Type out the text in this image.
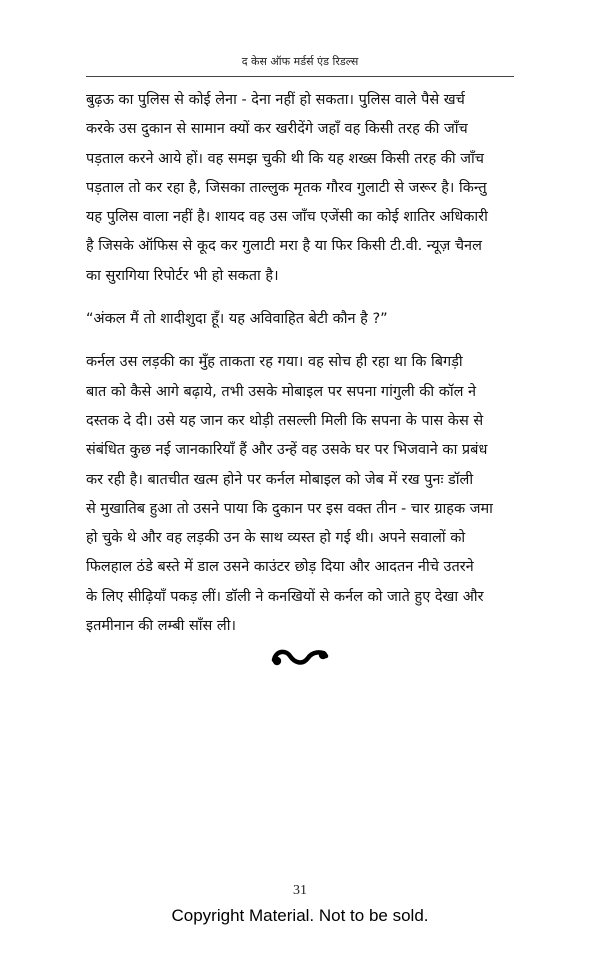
द केस ऑफ मर्डर्स एंड रिडल्स
बुढ़ऊ का पुलिस से कोई लेना - देना नहीं हो सकता। पुलिस वाले पैसे खर्च
करके उस दुकान से सामान क्यों कर खरीदेंगे जहाँ वह किसी तरह की जाँच
पड़ताल करने आये हों। वह समझ चुकी थी कि यह शख्स किसी तरह की जाँच
पड़ताल तो कर रहा है, जिसका ताल्लुक मृतक गौरव गुलाटी से जरूर है। किन्तु
यह पुलिस वाला नहीं है। शायद वह उस जाँच एजेंसी का कोई शातिर अधिकारी
है जिसके ऑफिस से कूद कर गुलाटी मरा है या फिर किसी टी.वी. न्यूज़ चैनल
का सुरागिया रिपोर्टर भी हो सकता है।
“अंकल मैं तो शादीशुदा हूँ। यह अविवाहित बेटी कौन है ?”
कर्नल उस लड़की का मुँह ताकता रह गया। वह सोच ही रहा था कि बिगड़ी
बात को कैसे आगे बढ़ाये, तभी उसके मोबाइल पर सपना गांगुली की कॉल ने
दस्तक दे दी। उसे यह जान कर थोड़ी तसल्ली मिली कि सपना के पास केस से
संबंधित कुछ नई जानकारियाँ हैं और उन्हें वह उसके घर पर भिजवाने का प्रबंध
कर रही है। बातचीत खत्म होने पर कर्नल मोबाइल को जेब में रख पुनः डॉली
से मुखातिब हुआ तो उसने पाया कि दुकान पर इस वक्त तीन - चार ग्राहक जमा
हो चुके थे और वह लड़की उन के साथ व्यस्त हो गई थी। अपने सवालों को
फिलहाल ठंडे बस्ते में डाल उसने काउंटर छोड़ दिया और आदतन नीचे उतरने
के लिए सीढ़ियाँ पकड़ लीं। डॉली ने कनखियों से कर्नल को जाते हुए देखा और
इतमीनान की लम्बी साँस ली।
31
Copyright Material. Not to be sold.
